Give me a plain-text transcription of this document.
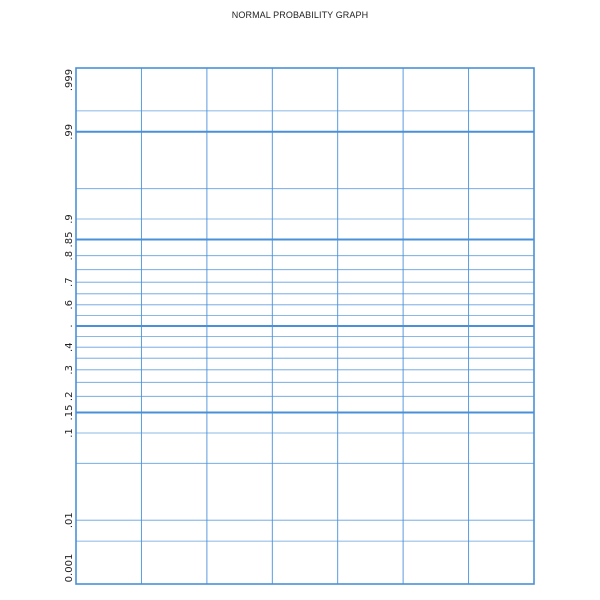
NORMAL PROBABILITY GRAPH
0.001
.01
.1
.15
.2
.3
.4
.
.6
.7
.8
.85
.9
.99
.999
